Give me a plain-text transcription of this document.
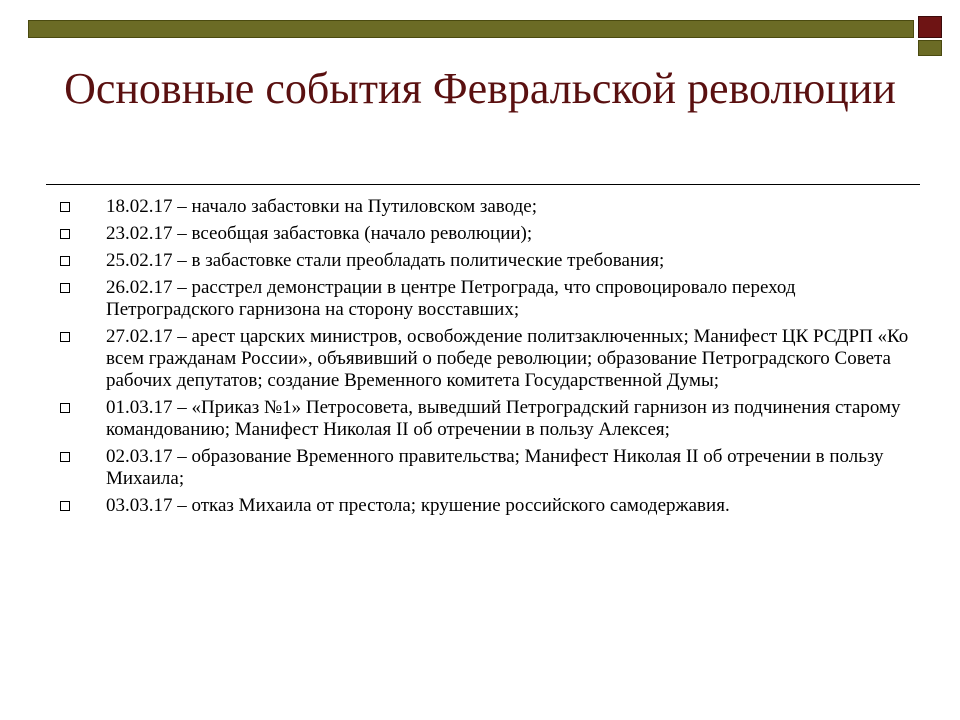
Основные события Февральской революции
18.02.17 – начало забастовки на Путиловском заводе;
23.02.17 – всеобщая забастовка (начало революции);
25.02.17 – в забастовке стали преобладать политические требования;
26.02.17 – расстрел демонстрации в центре Петрограда, что спровоцировало переход Петроградского гарнизона на сторону восставших;
27.02.17 – арест царских министров, освобождение политзаключенных; Манифест ЦК РСДРП «Ко всем гражданам России», объявивший о победе революции; образование Петроградского Совета рабочих депутатов; создание Временного комитета Государственной Думы;
01.03.17 – «Приказ №1» Петросовета, выведший Петроградский гарнизон из подчинения старому командованию; Манифест Николая II об отречении в пользу Алексея;
02.03.17 – образование Временного правительства; Манифест Николая II об отречении в пользу Михаила;
03.03.17 – отказ Михаила от престола; крушение российского самодержавия.
